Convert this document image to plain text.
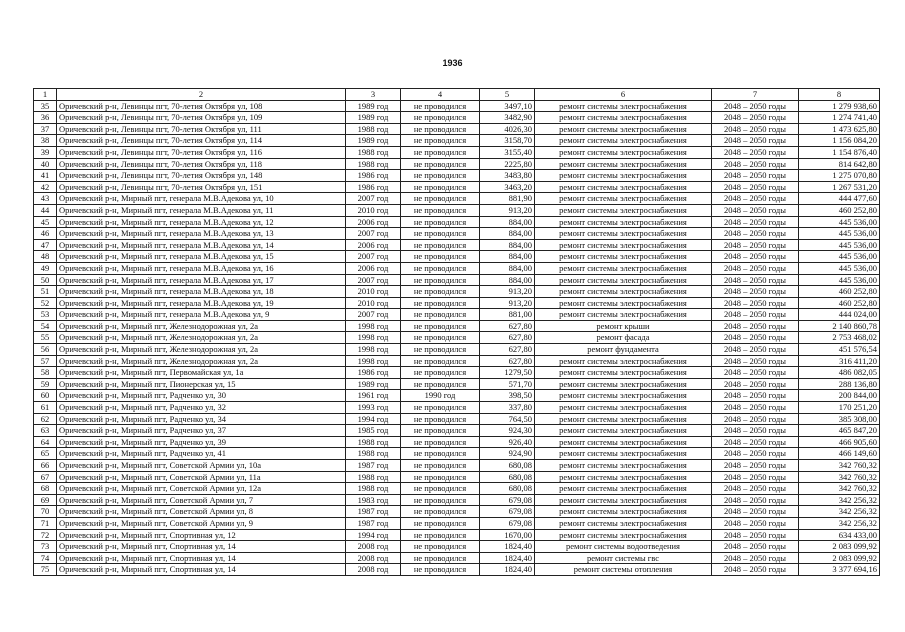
1936
1	2	3	4	5	6	7	8
35	Оричевский р-н, Левинцы пгт, 70-летия Октября ул, 108	1989 год	не проводился	3497,10	ремонт системы электроснабжения	2048 – 2050 годы	1 279 938,60
36	Оричевский р-н, Левинцы пгт, 70-летия Октября ул, 109	1989 год	не проводился	3482,90	ремонт системы электроснабжения	2048 – 2050 годы	1 274 741,40
37	Оричевский р-н, Левинцы пгт, 70-летия Октября ул, 111	1988 год	не проводился	4026,30	ремонт системы электроснабжения	2048 – 2050 годы	1 473 625,80
38	Оричевский р-н, Левинцы пгт, 70-летия Октября ул, 114	1989 год	не проводился	3158,70	ремонт системы электроснабжения	2048 – 2050 годы	1 156 084,20
39	Оричевский р-н, Левинцы пгт, 70-летия Октября ул, 116	1988 год	не проводился	3155,40	ремонт системы электроснабжения	2048 – 2050 годы	1 154 876,40
40	Оричевский р-н, Левинцы пгт, 70-летия Октября ул, 118	1988 год	не проводился	2225,80	ремонт системы электроснабжения	2048 – 2050 годы	814 642,80
41	Оричевский р-н, Левинцы пгт, 70-летия Октября ул, 148	1986 год	не проводился	3483,80	ремонт системы электроснабжения	2048 – 2050 годы	1 275 070,80
42	Оричевский р-н, Левинцы пгт, 70-летия Октября ул, 151	1986 год	не проводился	3463,20	ремонт системы электроснабжения	2048 – 2050 годы	1 267 531,20
43	Оричевский р-н, Мирный пгт, генерала М.В.Адекова ул, 10	2007 год	не проводился	881,90	ремонт системы электроснабжения	2048 – 2050 годы	444 477,60
44	Оричевский р-н, Мирный пгт, генерала М.В.Адекова ул, 11	2010 год	не проводился	913,20	ремонт системы электроснабжения	2048 – 2050 годы	460 252,80
45	Оричевский р-н, Мирный пгт, генерала М.В.Адекова ул, 12	2006 год	не проводился	884,00	ремонт системы электроснабжения	2048 – 2050 годы	445 536,00
46	Оричевский р-н, Мирный пгт, генерала М.В.Адекова ул, 13	2007 год	не проводился	884,00	ремонт системы электроснабжения	2048 – 2050 годы	445 536,00
47	Оричевский р-н, Мирный пгт, генерала М.В.Адекова ул, 14	2006 год	не проводился	884,00	ремонт системы электроснабжения	2048 – 2050 годы	445 536,00
48	Оричевский р-н, Мирный пгт, генерала М.В.Адекова ул, 15	2007 год	не проводился	884,00	ремонт системы электроснабжения	2048 – 2050 годы	445 536,00
49	Оричевский р-н, Мирный пгт, генерала М.В.Адекова ул, 16	2006 год	не проводился	884,00	ремонт системы электроснабжения	2048 – 2050 годы	445 536,00
50	Оричевский р-н, Мирный пгт, генерала М.В.Адекова ул, 17	2007 год	не проводился	884,00	ремонт системы электроснабжения	2048 – 2050 годы	445 536,00
51	Оричевский р-н, Мирный пгт, генерала М.В.Адекова ул, 18	2010 год	не проводился	913,20	ремонт системы электроснабжения	2048 – 2050 годы	460 252,80
52	Оричевский р-н, Мирный пгт, генерала М.В.Адекова ул, 19	2010 год	не проводился	913,20	ремонт системы электроснабжения	2048 – 2050 годы	460 252,80
53	Оричевский р-н, Мирный пгт, генерала М.В.Адекова ул, 9	2007 год	не проводился	881,00	ремонт системы электроснабжения	2048 – 2050 годы	444 024,00
54	Оричевский р-н, Мирный пгт, Железнодорожная ул, 2а	1998 год	не проводился	627,80	ремонт крыши	2048 – 2050 годы	2 140 860,78
55	Оричевский р-н, Мирный пгт, Железнодорожная ул, 2а	1998 год	не проводился	627,80	ремонт фасада	2048 – 2050 годы	2 753 468,02
56	Оричевский р-н, Мирный пгт, Железнодорожная ул, 2а	1998 год	не проводился	627,80	ремонт фундамента	2048 – 2050 годы	451 576,54
57	Оричевский р-н, Мирный пгт, Железнодорожная ул, 2а	1998 год	не проводился	627,80	ремонт системы электроснабжения	2048 – 2050 годы	316 411,20
58	Оричевский р-н, Мирный пгт, Первомайская ул, 1а	1986 год	не проводился	1279,50	ремонт системы электроснабжения	2048 – 2050 годы	486 082,05
59	Оричевский р-н, Мирный пгт, Пионерская ул, 15	1989 год	не проводился	571,70	ремонт системы электроснабжения	2048 – 2050 годы	288 136,80
60	Оричевский р-н, Мирный пгт, Радченко ул, 30	1961 год	1990 год	398,50	ремонт системы электроснабжения	2048 – 2050 годы	200 844,00
61	Оричевский р-н, Мирный пгт, Радченко ул, 32	1993 год	не проводился	337,80	ремонт системы электроснабжения	2048 – 2050 годы	170 251,20
62	Оричевский р-н, Мирный пгт, Радченко ул, 34	1994 год	не проводился	764,50	ремонт системы электроснабжения	2048 – 2050 годы	385 308,00
63	Оричевский р-н, Мирный пгт, Радченко ул, 37	1985 год	не проводился	924,30	ремонт системы электроснабжения	2048 – 2050 годы	465 847,20
64	Оричевский р-н, Мирный пгт, Радченко ул, 39	1988 год	не проводился	926,40	ремонт системы электроснабжения	2048 – 2050 годы	466 905,60
65	Оричевский р-н, Мирный пгт, Радченко ул, 41	1988 год	не проводился	924,90	ремонт системы электроснабжения	2048 – 2050 годы	466 149,60
66	Оричевский р-н, Мирный пгт, Советской Армии ул, 10а	1987 год	не проводился	680,08	ремонт системы электроснабжения	2048 – 2050 годы	342 760,32
67	Оричевский р-н, Мирный пгт, Советской Армии ул, 11а	1988 год	не проводился	680,08	ремонт системы электроснабжения	2048 – 2050 годы	342 760,32
68	Оричевский р-н, Мирный пгт, Советской Армии ул, 12а	1988 год	не проводился	680,08	ремонт системы электроснабжения	2048 – 2050 годы	342 760,32
69	Оричевский р-н, Мирный пгт, Советской Армии ул, 7	1983 год	не проводился	679,08	ремонт системы электроснабжения	2048 – 2050 годы	342 256,32
70	Оричевский р-н, Мирный пгт, Советской Армии ул, 8	1987 год	не проводился	679,08	ремонт системы электроснабжения	2048 – 2050 годы	342 256,32
71	Оричевский р-н, Мирный пгт, Советской Армии ул, 9	1987 год	не проводился	679,08	ремонт системы электроснабжения	2048 – 2050 годы	342 256,32
72	Оричевский р-н, Мирный пгт, Спортивная ул, 12	1994 год	не проводился	1670,00	ремонт системы электроснабжения	2048 – 2050 годы	634 433,00
73	Оричевский р-н, Мирный пгт, Спортивная ул, 14	2008 год	не проводился	1824,40	ремонт системы водоотведения	2048 – 2050 годы	2 083 099,92
74	Оричевский р-н, Мирный пгт, Спортивная ул, 14	2008 год	не проводился	1824,40	ремонт системы гвс	2048 – 2050 годы	2 083 099,92
75	Оричевский р-н, Мирный пгт, Спортивная ул, 14	2008 год	не проводился	1824,40	ремонт системы отопления	2048 – 2050 годы	3 377 694,16
